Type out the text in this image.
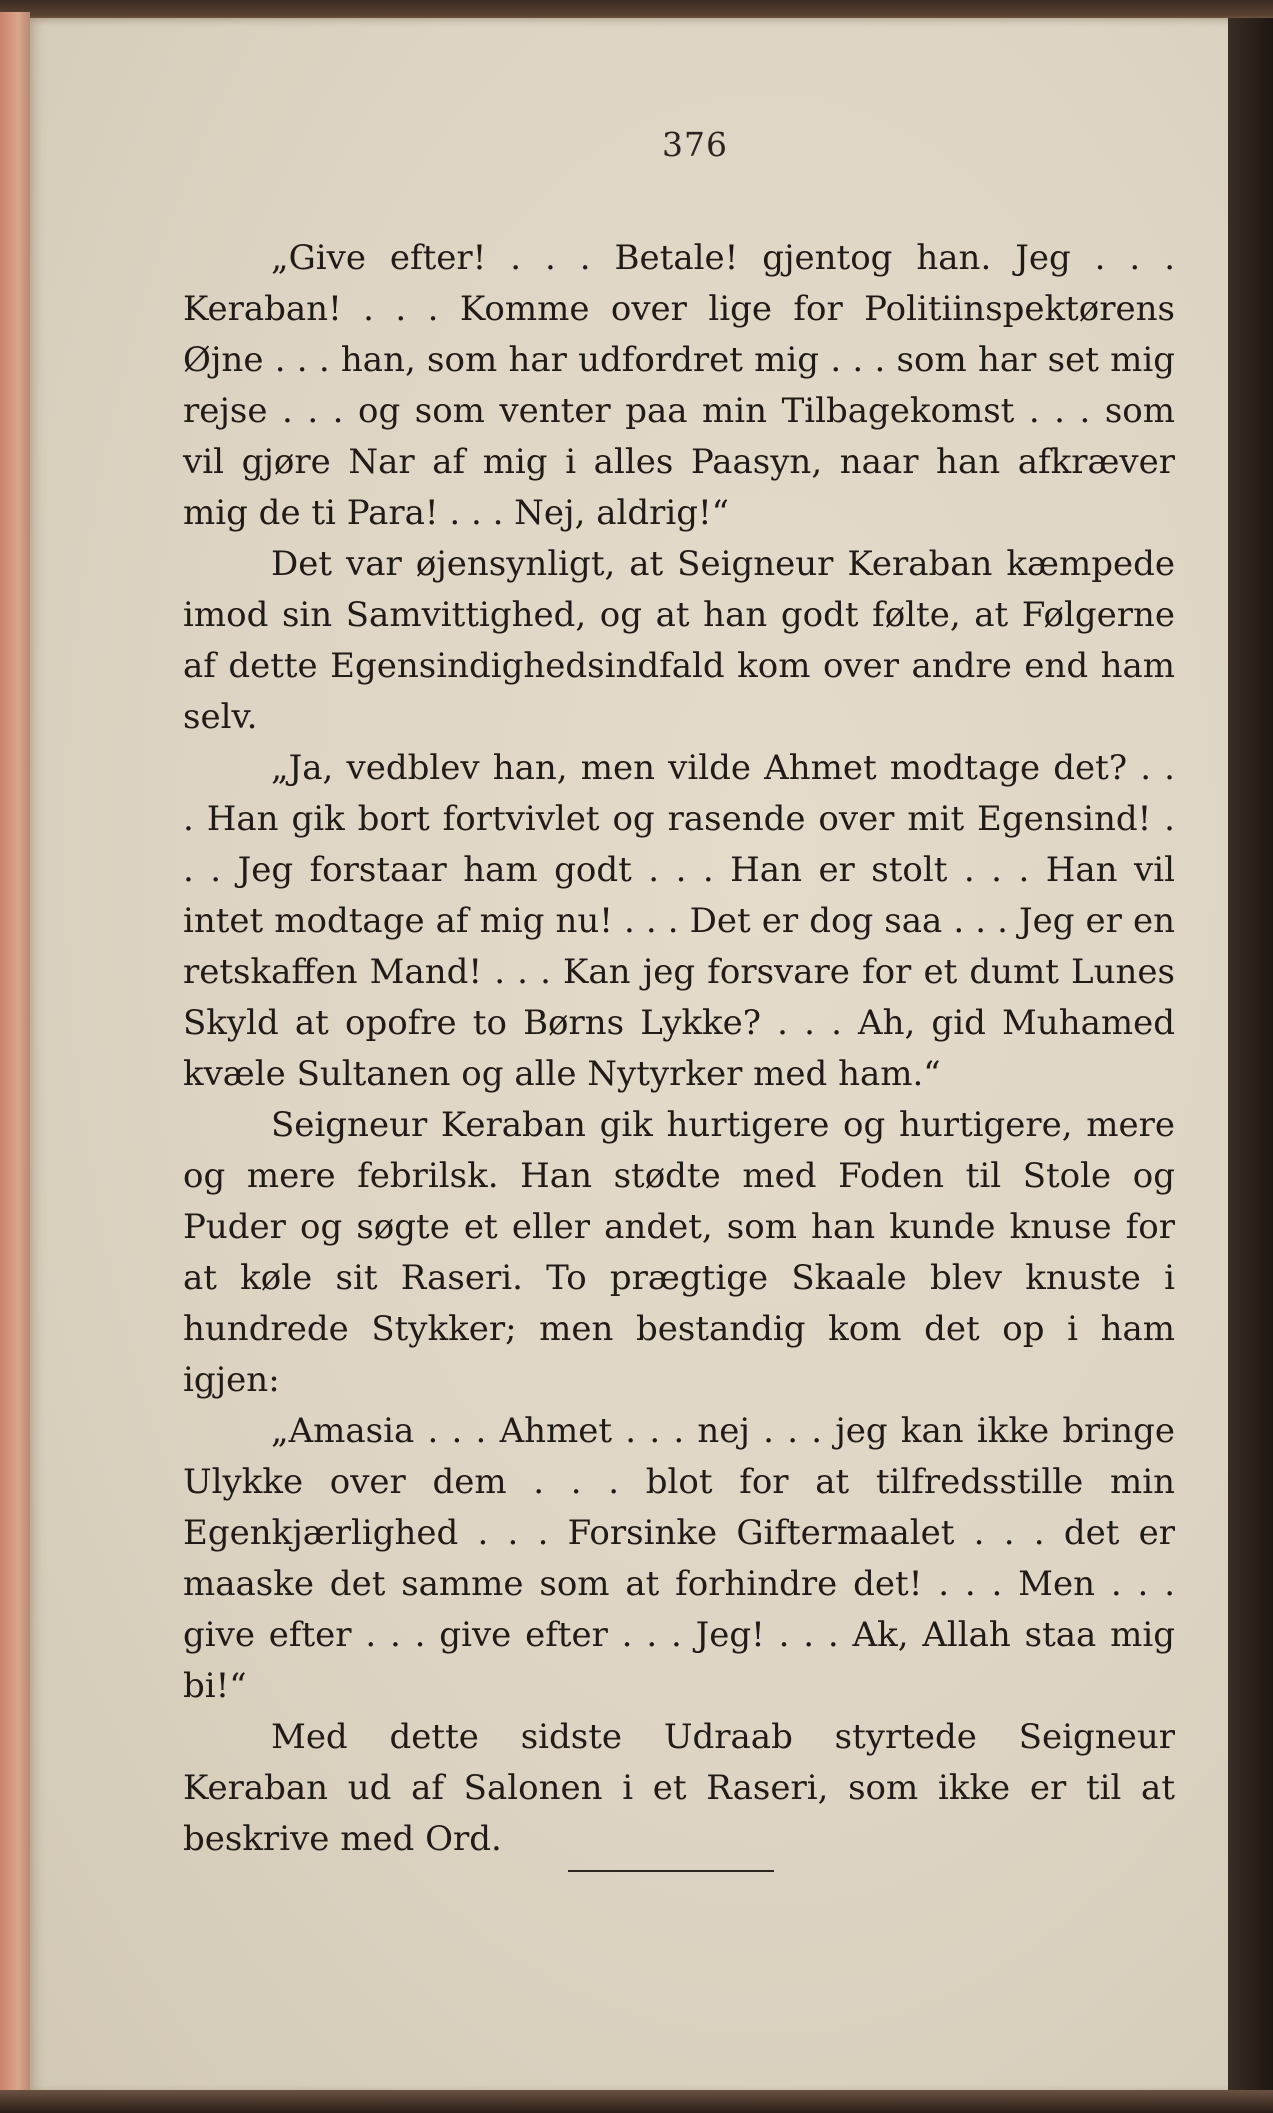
376

„Give efter! . . . Betale! gjentog han. Jeg . . . Keraban! . . . Komme over lige for Politiinspektørens Øjne . . . han, som har udfordret mig . . . som har set mig rejse . . . og som venter paa min Tilbagekomst . . . som vil gjøre Nar af mig i alles Paasyn, naar han afkræver mig de ti Para! . . . Nej, aldrig!“

Det var øjensynligt, at Seigneur Keraban kæmpede imod sin Samvittighed, og at han godt følte, at Følgerne af dette Egensindighedsindfald kom over andre end ham selv.

„Ja, vedblev han, men vilde Ahmet modtage det? . . . Han gik bort fortvivlet og rasende over mit Egensind! . . . Jeg forstaar ham godt . . . Han er stolt . . . Han vil intet modtage af mig nu! . . . Det er dog saa . . . Jeg er en retskaffen Mand! . . . Kan jeg forsvare for et dumt Lunes Skyld at opofre to Børns Lykke? . . . Ah, gid Muhamed kvæle Sultanen og alle Nytyrker med ham.“

Seigneur Keraban gik hurtigere og hurtigere, mere og mere febrilsk. Han stødte med Foden til Stole og Puder og søgte et eller andet, som han kunde knuse for at køle sit Raseri. To prægtige Skaale blev knuste i hundrede Stykker; men bestandig kom det op i ham igjen:

„Amasia . . . Ahmet . . . nej . . . jeg kan ikke bringe Ulykke over dem . . . blot for at tilfredsstille min Egenkjærlighed . . . Forsinke Giftermaalet . . . det er maaske det samme som at forhindre det! . . . Men . . . give efter . . . give efter . . . Jeg! . . . Ak, Allah staa mig bi!“

Med dette sidste Udraab styrtede Seigneur Keraban ud af Salonen i et Raseri, som ikke er til at beskrive med Ord.
